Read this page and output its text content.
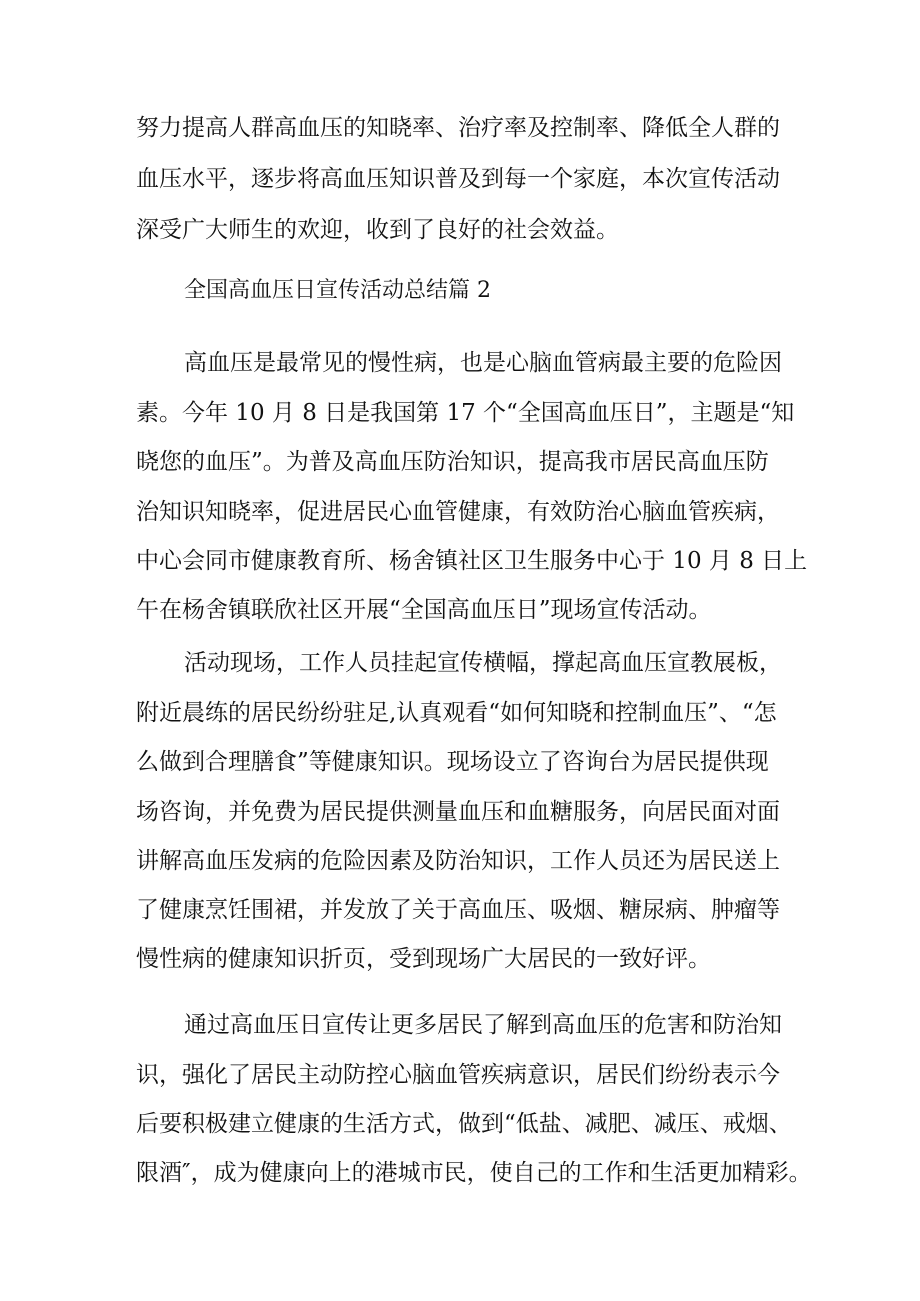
努力提高人群高血压的知晓率、治疗率及控制率、降低全人群的
血压水平，逐步将高血压知识普及到每一个家庭，本次宣传活动
深受广大师生的欢迎，收到了良好的社会效益。
全国高血压日宣传活动总结篇 2
高血压是最常见的慢性病，也是心脑血管病最主要的危险因
素。今年 10 月 8 日是我国第 17 个“全国高血压日”，主题是“知
晓您的血压”。为普及高血压防治知识，提高我市居民高血压防
治知识知晓率，促进居民心血管健康，有效防治心脑血管疾病，
中心会同市健康教育所、杨舍镇社区卫生服务中心于 10 月 8 日上
午在杨舍镇联欣社区开展“全国高血压日”现场宣传活动。
活动现场，工作人员挂起宣传横幅，撑起高血压宣教展板，
附近晨练的居民纷纷驻足,认真观看“如何知晓和控制血压”、“怎
么做到合理膳食”等健康知识。现场设立了咨询台为居民提供现
场咨询，并免费为居民提供测量血压和血糖服务，向居民面对面
讲解高血压发病的危险因素及防治知识，工作人员还为居民送上
了健康烹饪围裙，并发放了关于高血压、吸烟、糖尿病、肿瘤等
慢性病的健康知识折页，受到现场广大居民的一致好评。
通过高血压日宣传让更多居民了解到高血压的危害和防治知
识，强化了居民主动防控心脑血管疾病意识，居民们纷纷表示今
后要积极建立健康的生活方式，做到“低盐、减肥、减压、戒烟、
限酒″，成为健康向上的港城市民，使自己的工作和生活更加精彩。
